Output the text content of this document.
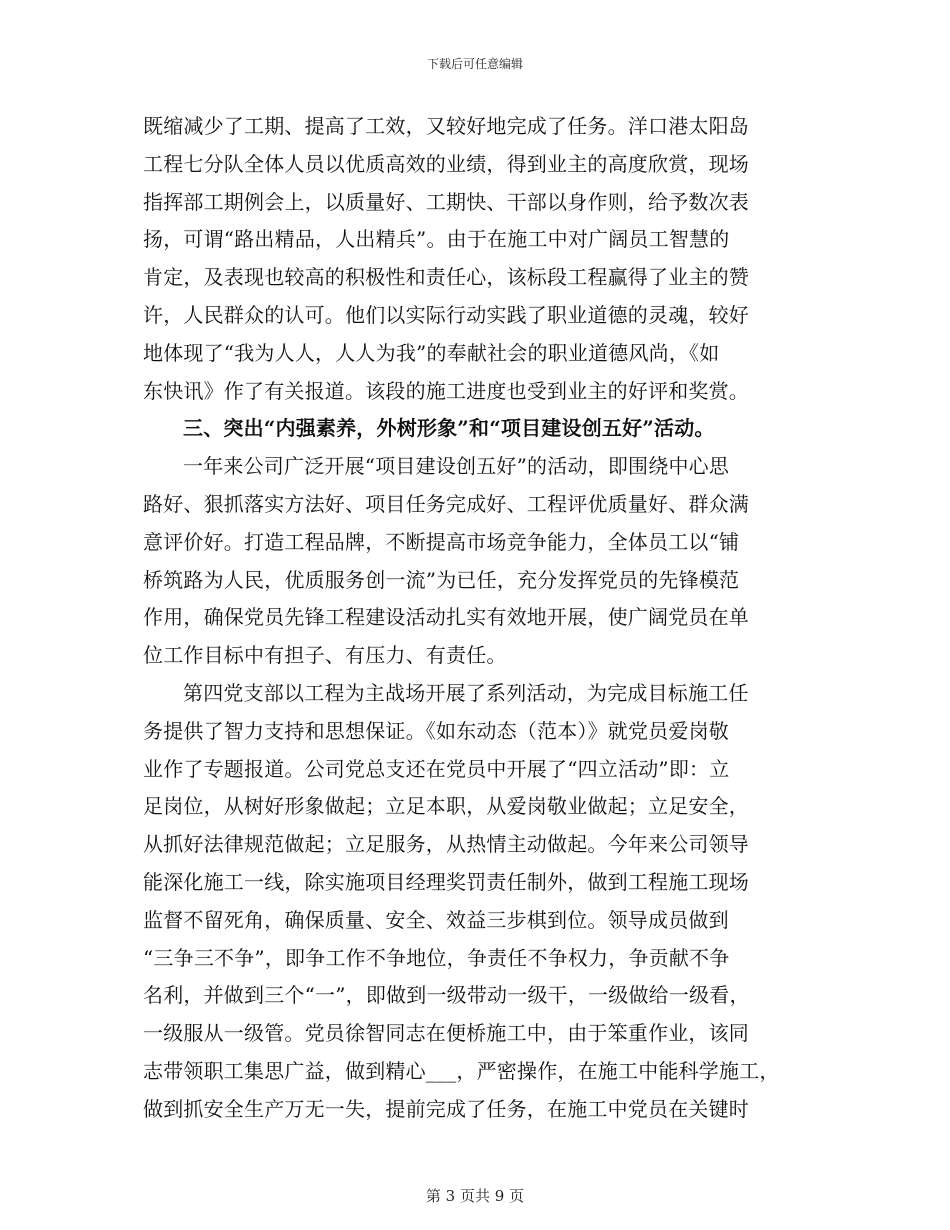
下载后可任意编辑
既缩减少了工期、提高了工效，又较好地完成了任务。洋口港太阳岛
工程七分队全体人员以优质高效的业绩，得到业主的高度欣赏，现场
指挥部工期例会上，以质量好、工期快、干部以身作则，给予数次表
扬，可谓“路出精品，人出精兵”。由于在施工中对广阔员工智慧的
肯定，及表现也较高的积极性和责任心，该标段工程赢得了业主的赞
许，人民群众的认可。他们以实际行动实践了职业道德的灵魂，较好
地体现了“我为人人，人人为我”的奉献社会的职业道德风尚，《如
东快讯》作了有关报道。该段的施工进度也受到业主的好评和奖赏。
三、突出“内强素养，外树形象”和“项目建设创五好”活动。
一年来公司广泛开展“项目建设创五好”的活动，即围绕中心思
路好、狠抓落实方法好、项目任务完成好、工程评优质量好、群众满
意评价好。打造工程品牌，不断提高市场竞争能力，全体员工以“铺
桥筑路为人民，优质服务创一流”为已任，充分发挥党员的先锋模范
作用，确保党员先锋工程建设活动扎实有效地开展，使广阔党员在单
位工作目标中有担子、有压力、有责任。
第四党支部以工程为主战场开展了系列活动，为完成目标施工任
务提供了智力支持和思想保证。《如东动态（范本）》就党员爱岗敬
业作了专题报道。公司党总支还在党员中开展了“四立活动”即：立
足岗位，从树好形象做起；立足本职，从爱岗敬业做起；立足安全，
从抓好法律规范做起；立足服务，从热情主动做起。今年来公司领导
能深化施工一线，除实施项目经理奖罚责任制外，做到工程施工现场
监督不留死角，确保质量、安全、效益三步棋到位。领导成员做到
“三争三不争”，即争工作不争地位，争责任不争权力，争贡献不争
名利，并做到三个“一”，即做到一级带动一级干，一级做给一级看，
一级服从一级管。党员徐智同志在便桥施工中，由于笨重作业，该同
志带领职工集思广益，做到精心___，严密操作，在施工中能科学施工，
做到抓安全生产万无一失，提前完成了任务，在施工中党员在关键时
第 3 页共 9 页
